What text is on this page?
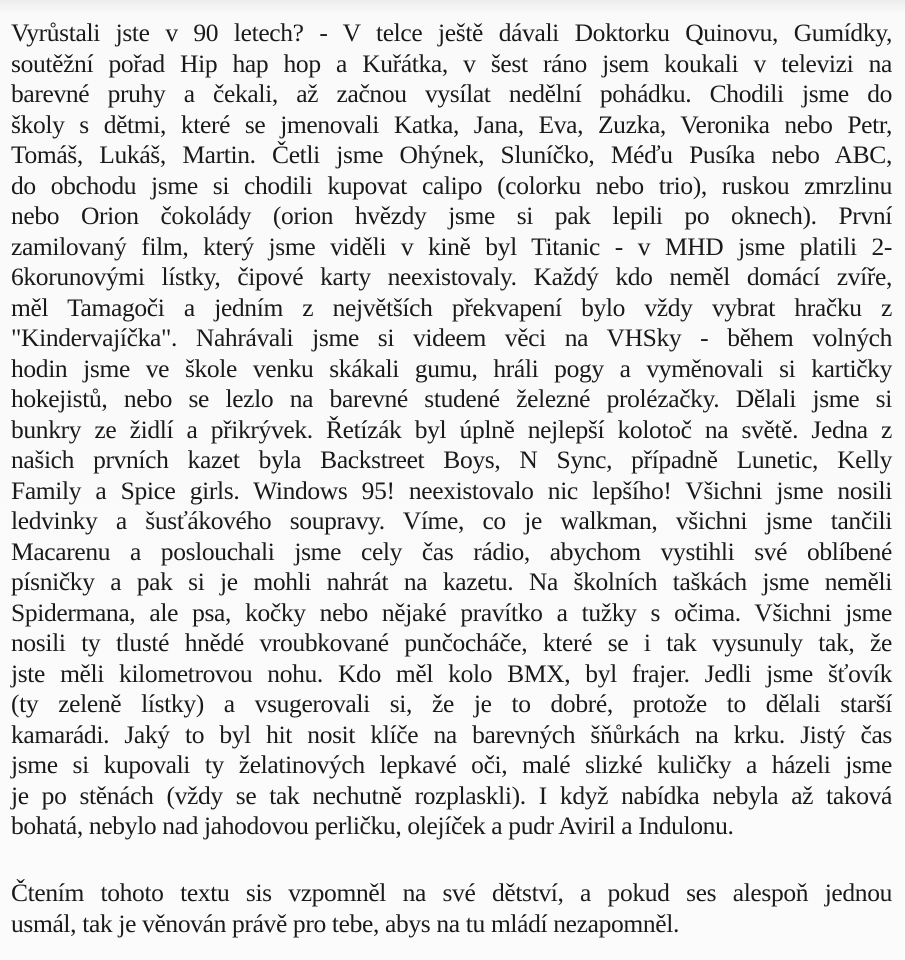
Vyrůstali jste v 90 letech? - V telce ještě dávali Doktorku Quinovu, Gumídky,
soutěžní pořad Hip hap hop a Kuřátka, v šest ráno jsem koukali v televizi na
barevné pruhy a čekali, až začnou vysílat nedělní pohádku. Chodili jsme do
školy s dětmi, které se jmenovali Katka, Jana, Eva, Zuzka, Veronika nebo Petr,
Tomáš, Lukáš, Martin. Četli jsme Ohýnek, Sluníčko, Méďu Pusíka nebo ABC,
do obchodu jsme si chodili kupovat calipo (colorku nebo trio), ruskou zmrzlinu
nebo Orion čokolády (orion hvězdy jsme si pak lepili po oknech). První
zamilovaný film, který jsme viděli v kině byl Titanic - v MHD jsme platili 2-
6korunovými lístky, čipové karty neexistovaly. Každý kdo neměl domácí zvíře,
měl Tamagoči a jedním z největších překvapení bylo vždy vybrat hračku z
"Kindervajíčka". Nahrávali jsme si videem věci na VHSky - během volných
hodin jsme ve škole venku skákali gumu, hráli pogy a vyměnovali si kartičky
hokejistů, nebo se lezlo na barevné studené železné prolézačky. Dělali jsme si
bunkry ze židlí a přikrývek. Řetízák byl úplně nejlepší kolotoč na světě. Jedna z
našich prvních kazet byla Backstreet Boys, N Sync, případně Lunetic, Kelly
Family a Spice girls. Windows 95! neexistovalo nic lepšího! Všichni jsme nosili
ledvinky a šusťákového soupravy. Víme, co je walkman, všichni jsme tančili
Macarenu a poslouchali jsme cely čas rádio, abychom vystihli své oblíbené
písničky a pak si je mohli nahrát na kazetu. Na školních taškách jsme neměli
Spidermana, ale psa, kočky nebo nějaké pravítko a tužky s očima. Všichni jsme
nosili ty tlusté hnědé vroubkované punčocháče, které se i tak vysunuly tak, že
jste měli kilometrovou nohu. Kdo měl kolo BMX, byl frajer. Jedli jsme šťovík
(ty zeleně lístky) a vsugerovali si, že je to dobré, protože to dělali starší
kamarádi. Jaký to byl hit nosit klíče na barevných šňůrkách na krku. Jistý čas
jsme si kupovali ty želatinových lepkavé oči, malé slizké kuličky a házeli jsme
je po stěnách (vždy se tak nechutně rozplaskli). I když nabídka nebyla až taková
bohatá, nebylo nad jahodovou perličku, olejíček a pudr Aviril a Indulonu.
Čtením tohoto textu sis vzpomněl na své dětství, a pokud ses alespoň jednou
usmál, tak je věnován právě pro tebe, abys na tu mládí nezapomněl.
